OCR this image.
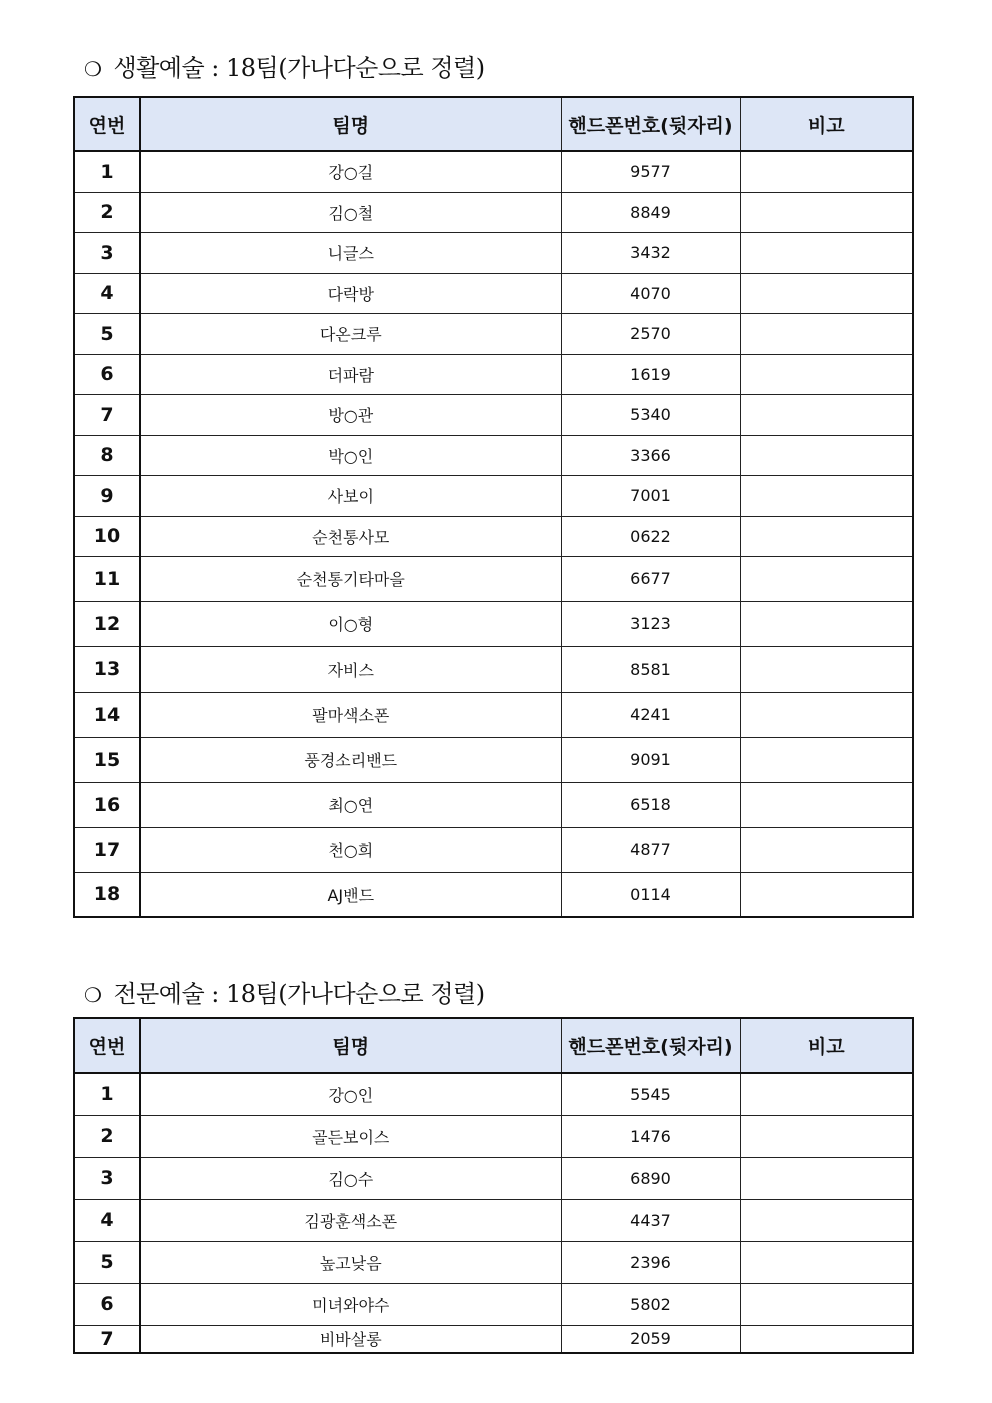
❍ 생활예술 : 18팀(가나다순으로 정렬)
연번	팀명	핸드폰번호(뒷자리)	비고
1	강○길	9577	
2	김○철	8849	
3	니글스	3432	
4	다락방	4070	
5	다온크루	2570	
6	더파람	1619	
7	방○관	5340	
8	박○인	3366	
9	사보이	7001	
10	순천통사모	0622	
11	순천통기타마을	6677	
12	이○형	3123	
13	자비스	8581	
14	팔마색소폰	4241	
15	풍경소리밴드	9091	
16	최○연	6518	
17	천○희	4877	
18	AJ밴드	0114	
❍ 전문예술 : 18팀(가나다순으로 정렬)
연번	팀명	핸드폰번호(뒷자리)	비고
1	강○인	5545	
2	골든보이스	1476	
3	김○수	6890	
4	김광훈색소폰	4437	
5	높고낮음	2396	
6	미녀와야수	5802	
7	비바살롱	2059	
